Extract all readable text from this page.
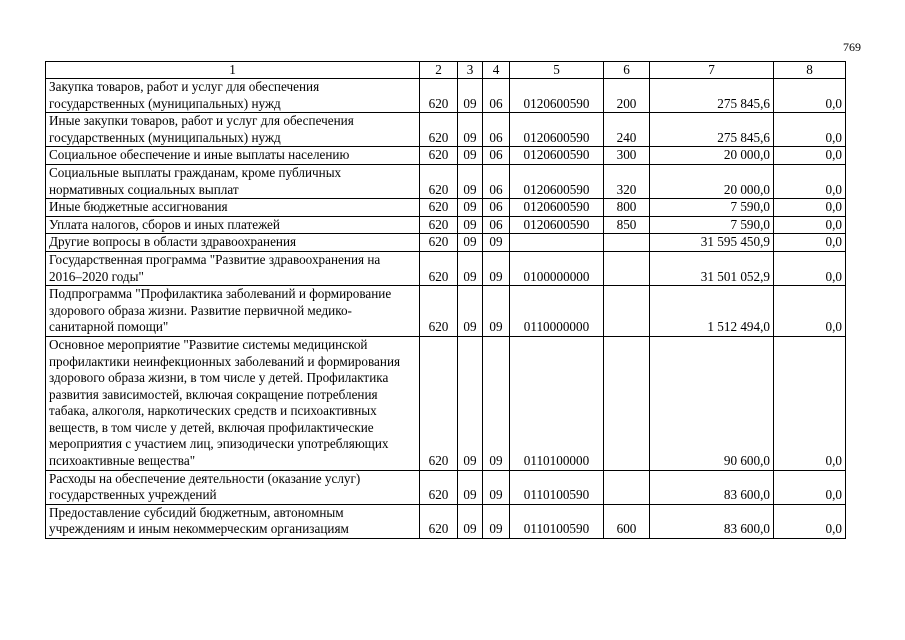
769
1	2	3	4	5	6	7	8
Закупка товаров, работ и услуг для обеспечения государственных (муниципальных) нужд	620	09	06	0120600590	200	275 845,6	0,0
Иные закупки товаров, работ и услуг для обеспечения государственных (муниципальных) нужд	620	09	06	0120600590	240	275 845,6	0,0
Социальное обеспечение и иные выплаты населению	620	09	06	0120600590	300	20 000,0	0,0
Социальные выплаты гражданам, кроме публичных нормативных социальных выплат	620	09	06	0120600590	320	20 000,0	0,0
Иные бюджетные ассигнования	620	09	06	0120600590	800	7 590,0	0,0
Уплата налогов, сборов и иных платежей	620	09	06	0120600590	850	7 590,0	0,0
Другие вопросы в области здравоохранения	620	09	09			31 595 450,9	0,0
Государственная программа "Развитие здравоохранения на 2016–2020 годы"	620	09	09	0100000000		31 501 052,9	0,0
Подпрограмма "Профилактика заболеваний и формирование здорового образа жизни. Развитие первичной медико-санитарной помощи"	620	09	09	0110000000		1 512 494,0	0,0
Основное мероприятие "Развитие системы медицинской профилактики неинфекционных заболеваний и формирования здорового образа жизни, в том числе у детей. Профилактика развития зависимостей, включая сокращение потребления табака, алкоголя, наркотических средств и психоактивных веществ, в том числе у детей, включая профилактические мероприятия с участием лиц, эпизодически употребляющих психоактивные вещества"	620	09	09	0110100000		90 600,0	0,0
Расходы на обеспечение деятельности (оказание услуг) государственных учреждений	620	09	09	0110100590		83 600,0	0,0
Предоставление субсидий бюджетным, автономным учреждениям и иным некоммерческим организациям	620	09	09	0110100590	600	83 600,0	0,0
